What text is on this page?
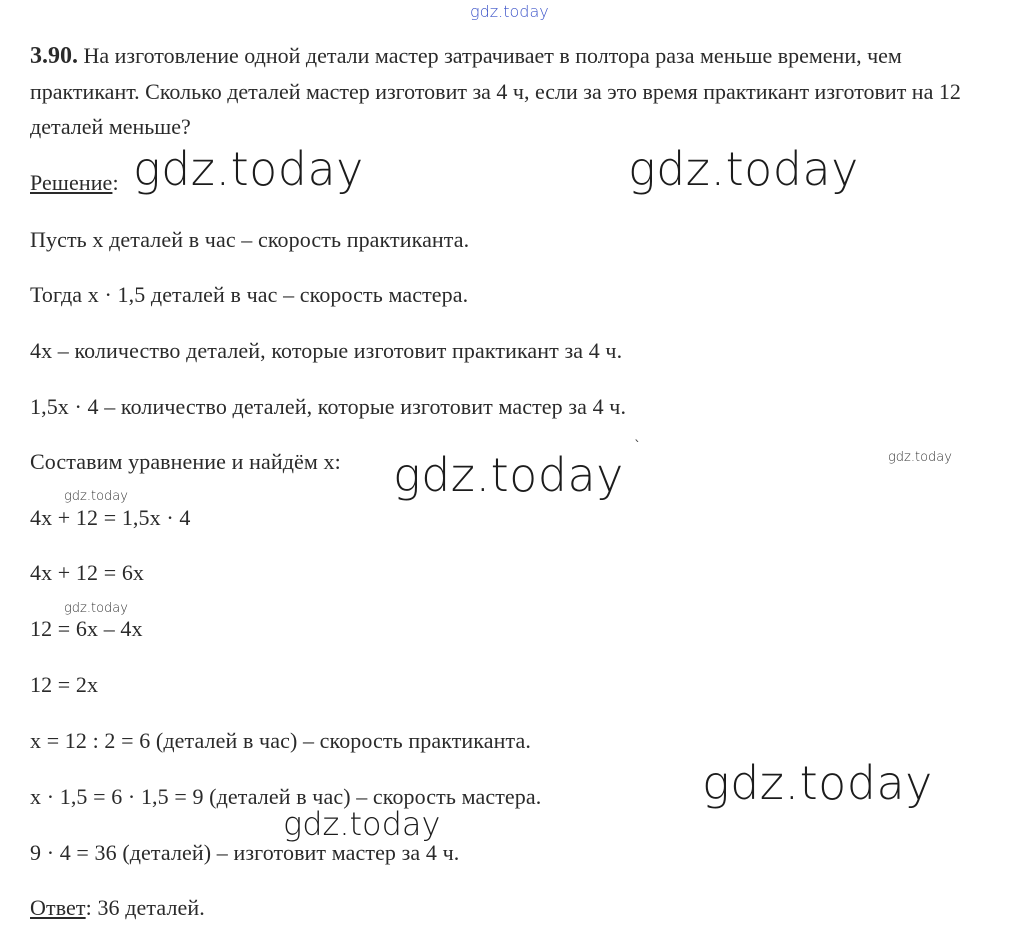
gdz.today
3.90. На изготовление одной детали мастер затрачивает в полтора раза меньше времени, чем практикант. Сколько деталей мастер изготовит за 4 ч, если за это время практикант изготовит на 12 деталей меньше?
Решение: gdz.today	gdz.today
Пусть x деталей в час – скорость практиканта.
Тогда x · 1,5 деталей в час – скорость мастера.
4x – количество деталей, которые изготовит практикант за 4 ч.
1,5x · 4 – количество деталей, которые изготовит мастер за 4 ч.
Составим уравнение и найдём x: gdz.today
`
gdz.today
gdz.today
4x + 12 = 1,5x · 4
4x + 12 = 6x
gdz.today
12 = 6x – 4x
12 = 2x
x = 12 : 2 = 6 (деталей в час) – скорость практиканта.
gdz.today
x · 1,5 = 6 · 1,5 = 9 (деталей в час) – скорость мастера.
gdz.today
9 · 4 = 36 (деталей) – изготовит мастер за 4 ч.
Ответ: 36 деталей.
